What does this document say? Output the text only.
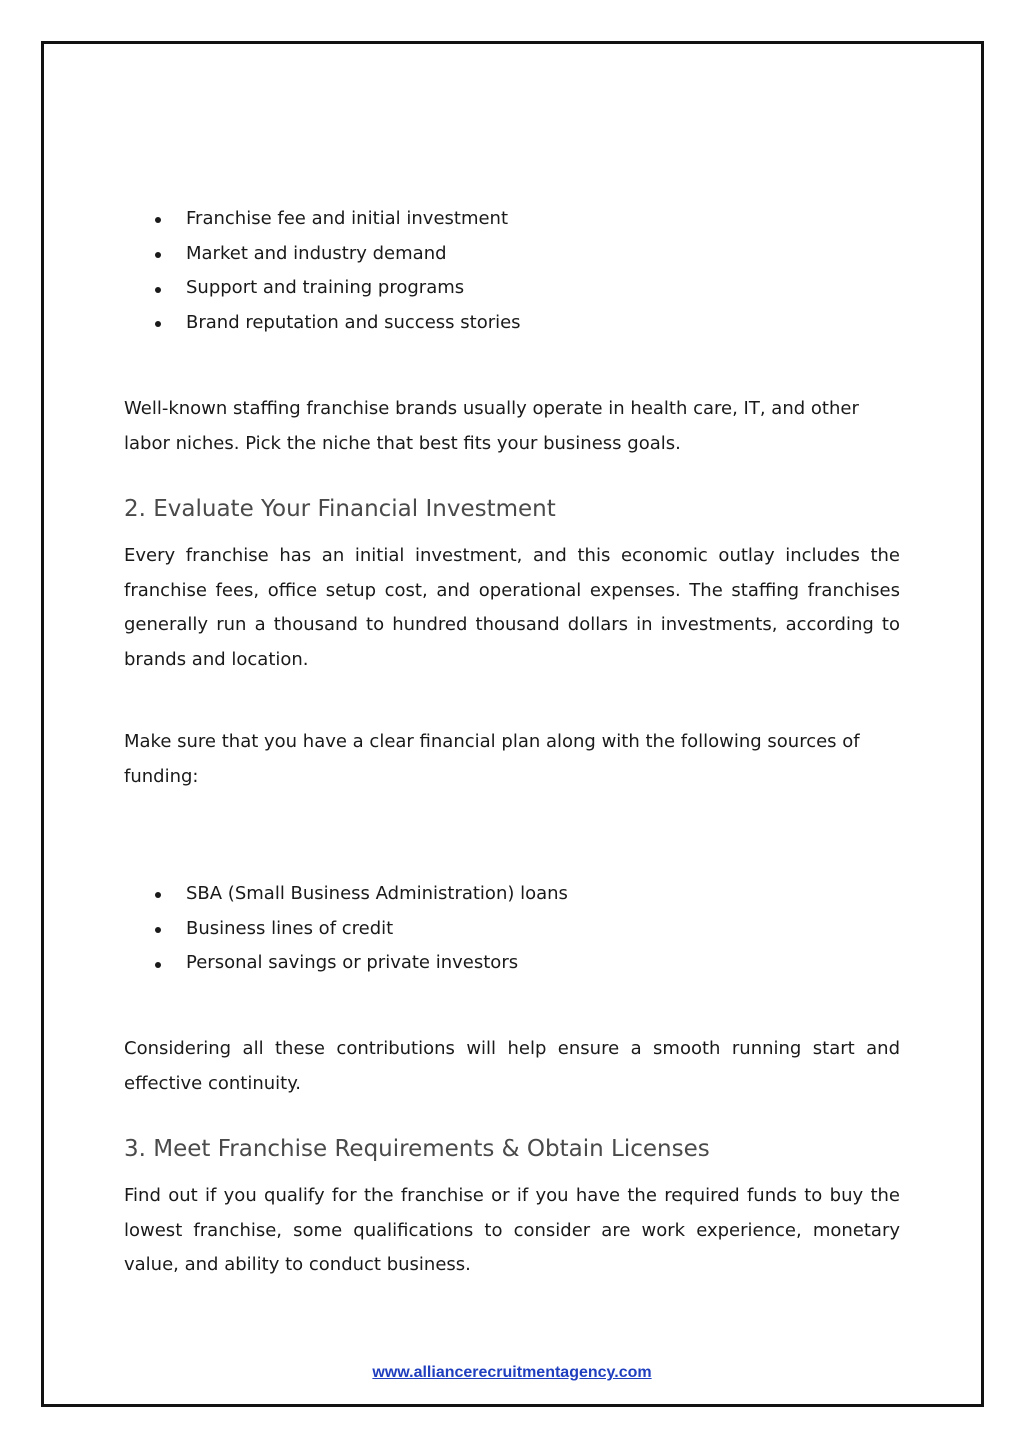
Franchise fee and initial investment
Market and industry demand
Support and training programs
Brand reputation and success stories

Well-known staffing franchise brands usually operate in health care, IT, and other labor niches. Pick the niche that best fits your business goals.

2. Evaluate Your Financial Investment

Every franchise has an initial investment, and this economic outlay includes the franchise fees, office setup cost, and operational expenses. The staffing franchises generally run a thousand to hundred thousand dollars in investments, according to brands and location.

Make sure that you have a clear financial plan along with the following sources of funding:

SBA (Small Business Administration) loans
Business lines of credit
Personal savings or private investors

Considering all these contributions will help ensure a smooth running start and effective continuity.

3. Meet Franchise Requirements & Obtain Licenses

Find out if you qualify for the franchise or if you have the required funds to buy the lowest franchise, some qualifications to consider are work experience, monetary value, and ability to conduct business.

www.alliancerecruitmentagency.com
